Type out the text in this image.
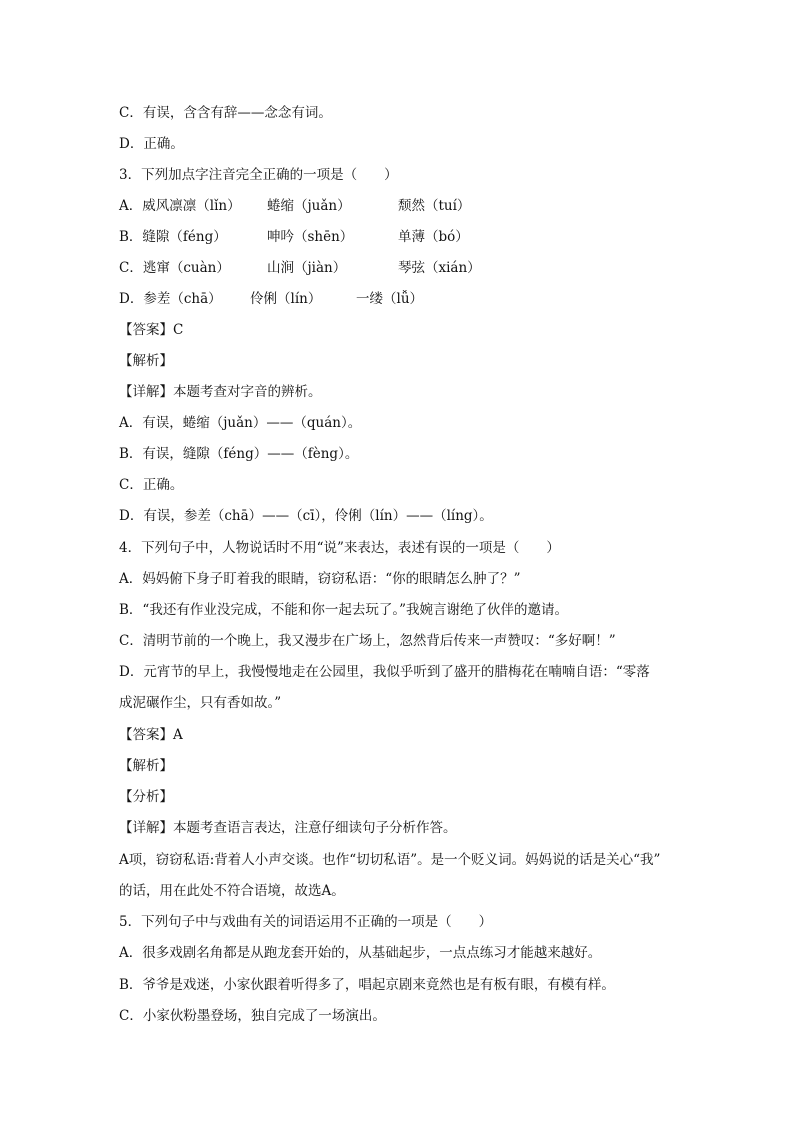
C．有误，含含有辞——念念有词。
D．正确。
3．下列加点字注音完全正确的一项是（　　）
A．威风凛凛（lǐn） 蜷缩（juǎn）	颓然（tuí）
B．缝隙（féng）	呻吟（shēn）	单薄（bó）
C．逃窜（cuàn）	山涧（jiàn）	琴弦（xián）
D．参差（chā） 伶俐（lín）	一缕（lǚ）
【答案】C
【解析】
【详解】本题考查对字音的辨析。
A．有误，蜷缩（juǎn）——（quán）。
B．有误，缝隙（féng）——（fèng）。
C．正确。
D．有误，参差（chā）——（cī），伶俐（lín）——（líng）。
4．下列句子中，人物说话时不用“说”来表达，表述有误的一项是（　　）
A．妈妈俯下身子盯着我的眼睛，窃窃私语：“你的眼睛怎么肿了？”
B．“我还有作业没完成，不能和你一起去玩了。”我婉言谢绝了伙伴的邀请。
C．清明节前的一个晚上，我又漫步在广场上，忽然背后传来一声赞叹：“多好啊！”
D．元宵节的早上，我慢慢地走在公园里，我似乎听到了盛开的腊梅花在喃喃自语：“零落
成泥碾作尘，只有香如故。”
【答案】A
【解析】
【分析】
【详解】本题考查语言表达，注意仔细读句子分析作答。
A项，窃窃私语:背着人小声交谈。也作“切切私语”。是一个贬义词。妈妈说的话是关心“我”
的话，用在此处不符合语境，故选A。
5．下列句子中与戏曲有关的词语运用不正确的一项是（　　）
A．很多戏剧名角都是从跑龙套开始的，从基础起步，一点点练习才能越来越好。
B．爷爷是戏迷，小家伙跟着听得多了，唱起京剧来竟然也是有板有眼，有模有样。
C．小家伙粉墨登场，独自完成了一场演出。
